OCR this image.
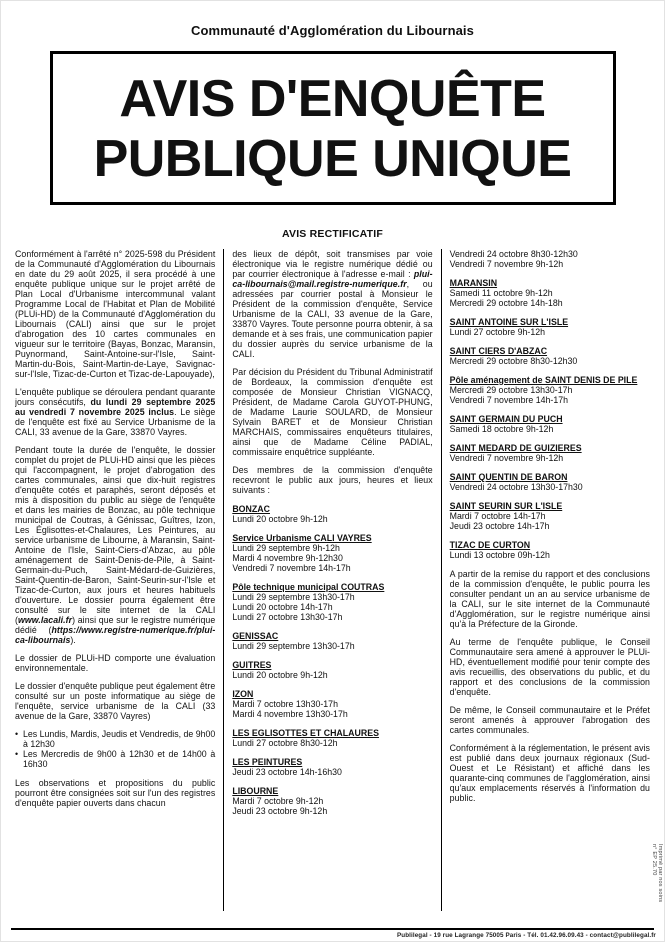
Communauté d'Agglomération du Libournais
AVIS D'ENQUÊTE
PUBLIQUE UNIQUE
AVIS RECTIFICATIF
Conformément à l'arrêté n° 2025-598 du Président de la Communauté d'Agglomération du Libournais en date du 29 août 2025, il sera procédé à une enquête publique unique sur le projet arrêté de Plan Local d'Urbanisme intercommunal valant Programme Local de l'Habitat et Plan de Mobilité (PLUi-HD) de la Communauté d'Agglomération du Libournais (CALI) ainsi que sur le projet d'abrogation des 10 cartes communales en vigueur sur le territoire (Bayas, Bonzac, Maransin, Puynormand, Saint-Antoine-sur-l'Isle, Saint-Martin-du-Bois, Saint-Martin-de-Laye, Savignac-sur-l'Isle, Tizac-de-Curton et Tizac-de-Lapouyade),
L'enquête publique se déroulera pendant quarante jours consécutifs, du lundi 29 septembre 2025 au vendredi 7 novembre 2025 inclus. Le siège de l'enquête est fixé au Service Urbanisme de la CALI, 33 avenue de la Gare, 33870 Vayres.
Pendant toute la durée de l'enquête, le dossier complet du projet de PLUi-HD ainsi que les pièces qui l'accompagnent, le projet d'abrogation des cartes communales, ainsi que dix-huit registres d'enquête cotés et paraphés, seront déposés et mis à disposition du public au siège de l'enquête et dans les mairies de Bonzac, au pôle technique municipal de Coutras, à Génissac, Guîtres, Izon, Les Églisottes-et-Chalaures, Les Peintures, au service urbanisme de Libourne, à Maransin, Saint-Antoine de l'Isle, Saint-Ciers-d'Abzac, au pôle aménagement de Saint-Denis-de-Pile, à Saint-Germain-du-Puch, Saint-Médard-de-Guizières, Saint-Quentin-de-Baron, Saint-Seurin-sur-l'Isle et Tizac-de-Curton, aux jours et heures habituels d'ouverture. Le dossier pourra également être consulté sur le site internet de la CALI (www.lacali.fr) ainsi que sur le registre numérique dédié (https://www.registre-numerique.fr/plui-ca-libournais).
Le dossier de PLUi-HD comporte une évaluation environnementale.
Le dossier d'enquête publique peut également être consulté sur un poste informatique au siège de l'enquête, service urbanisme de la CALI (33 avenue de la Gare, 33870 Vayres)
• Les Lundis, Mardis, Jeudis et Vendredis, de 9h00 à 12h30
• Les Mercredis de 9h00 à 12h30 et de 14h00 à 16h30
Les observations et propositions du public pourront être consignées soit sur l'un des registres d'enquête papier ouverts dans chacun
des lieux de dépôt, soit transmises par voie électronique via le registre numérique dédié ou par courrier électronique à l'adresse e-mail : plui-ca-libournais@mail.registre-numerique.fr, ou adressées par courrier postal à Monsieur le Président de la commission d'enquête, Service Urbanisme de la CALI, 33 avenue de la Gare, 33870 Vayres. Toute personne pourra obtenir, à sa demande et à ses frais, une communication papier du dossier auprès du service urbanisme de la CALI.
Par décision du Président du Tribunal Administratif de Bordeaux, la commission d'enquête est composée de Monsieur Christian VIGNACQ, Président, de Madame Carola GUYOT-PHUNG, de Madame Laurie SOULARD, de Monsieur Sylvain BARET et de Monsieur Christian MARCHAIS, commissaires enquêteurs titulaires, ainsi que de Madame Céline PADIAL, commissaire enquêtrice suppléante.
Des membres de la commission d'enquête recevront le public aux jours, heures et lieux suivants :
BONZAC
Lundi 20 octobre 9h-12h
Service Urbanisme CALI VAYRES
Lundi 29 septembre 9h-12h
Mardi 4 novembre 9h-12h30
Vendredi 7 novembre 14h-17h
Pôle technique municipal COUTRAS
Lundi 29 septembre 13h30-17h
Lundi 20 octobre 14h-17h
Lundi 27 octobre 13h30-17h
GENISSAC
Lundi 29 septembre 13h30-17h
GUITRES
Lundi 20 octobre 9h-12h
IZON
Mardi 7 octobre 13h30-17h
Mardi 4 novembre 13h30-17h
LES EGLISOTTES ET CHALAURES
Lundi 27 octobre 8h30-12h
LES PEINTURES
Jeudi 23 octobre 14h-16h30
LIBOURNE
Mardi 7 octobre 9h-12h
Jeudi 23 octobre 9h-12h
Vendredi 24 octobre 8h30-12h30
Vendredi 7 novembre 9h-12h
MARANSIN
Samedi 11 octobre 9h-12h
Mercredi 29 octobre 14h-18h
SAINT ANTOINE SUR L'ISLE
Lundi 27 octobre 9h-12h
SAINT CIERS D'ABZAC
Mercredi 29 octobre 8h30-12h30
Pôle aménagement de SAINT DENIS DE PILE
Mercredi 29 octobre 13h30-17h
Vendredi 7 novembre 14h-17h
SAINT GERMAIN DU PUCH
Samedi 18 octobre 9h-12h
SAINT MEDARD DE GUIZIERES
Vendredi 7 novembre 9h-12h
SAINT QUENTIN DE BARON
Vendredi 24 octobre 13h30-17h30
SAINT SEURIN SUR L'ISLE
Mardi 7 octobre 14h-17h
Jeudi 23 octobre 14h-17h
TIZAC DE CURTON
Lundi 13 octobre 09h-12h
A partir de la remise du rapport et des conclusions de la commission d'enquête, le public pourra les consulter pendant un an au service urbanisme de la CALI, sur le site internet de la Communauté d'Agglomération, sur le registre numérique ainsi qu'à la Préfecture de la Gironde.
Au terme de l'enquête publique, le Conseil Communautaire sera amené à approuver le PLUi-HD, éventuellement modifié pour tenir compte des avis recueillis, des observations du public, et du rapport et des conclusions de la commission d'enquête.
De même, le Conseil communautaire et le Préfet seront amenés à approuver l'abrogation des cartes communales.
Conformément à la réglementation, le présent avis est publié dans deux journaux régionaux (Sud-Ouest et Le Résistant) et affiché dans les quarante-cinq communes de l'agglomération, ainsi qu'aux emplacements réservés à l'information du public.
Publilegal - 19 rue Lagrange 75005 Paris - Tél. 01.42.96.09.43 - contact@publilegal.fr
Imprimé par nos soins n° EP 25.70
